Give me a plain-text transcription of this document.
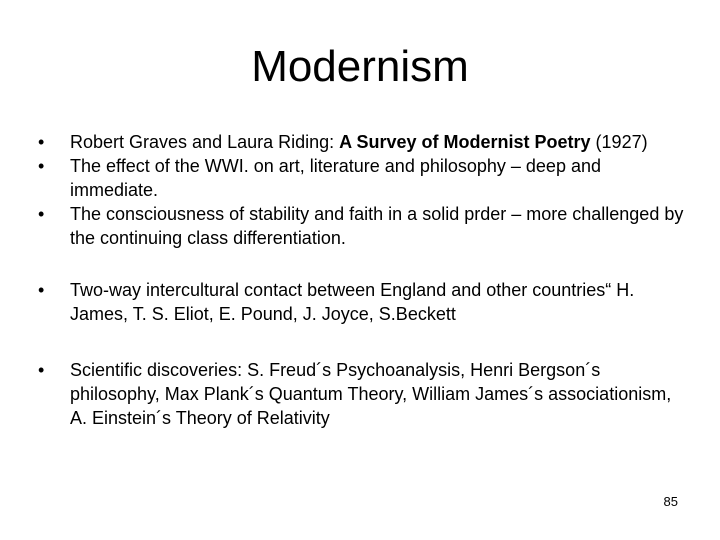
Modernism
•	Robert Graves and Laura Riding: A Survey of Modernist Poetry (1927)
•	The effect of the WWI. on art, literature and philosophy – deep and immediate.
•	The consciousness of stability and faith in a solid prder – more challenged by the continuing class differentiation.
•	Two-way intercultural contact between England and other countries“ H. James, T. S. Eliot, E. Pound, J. Joyce, S.Beckett
•	Scientific discoveries: S. Freud´s Psychoanalysis, Henri Bergson´s philosophy, Max Plank´s Quantum Theory, William James´s associationism, A. Einstein´s Theory of Relativity
85
